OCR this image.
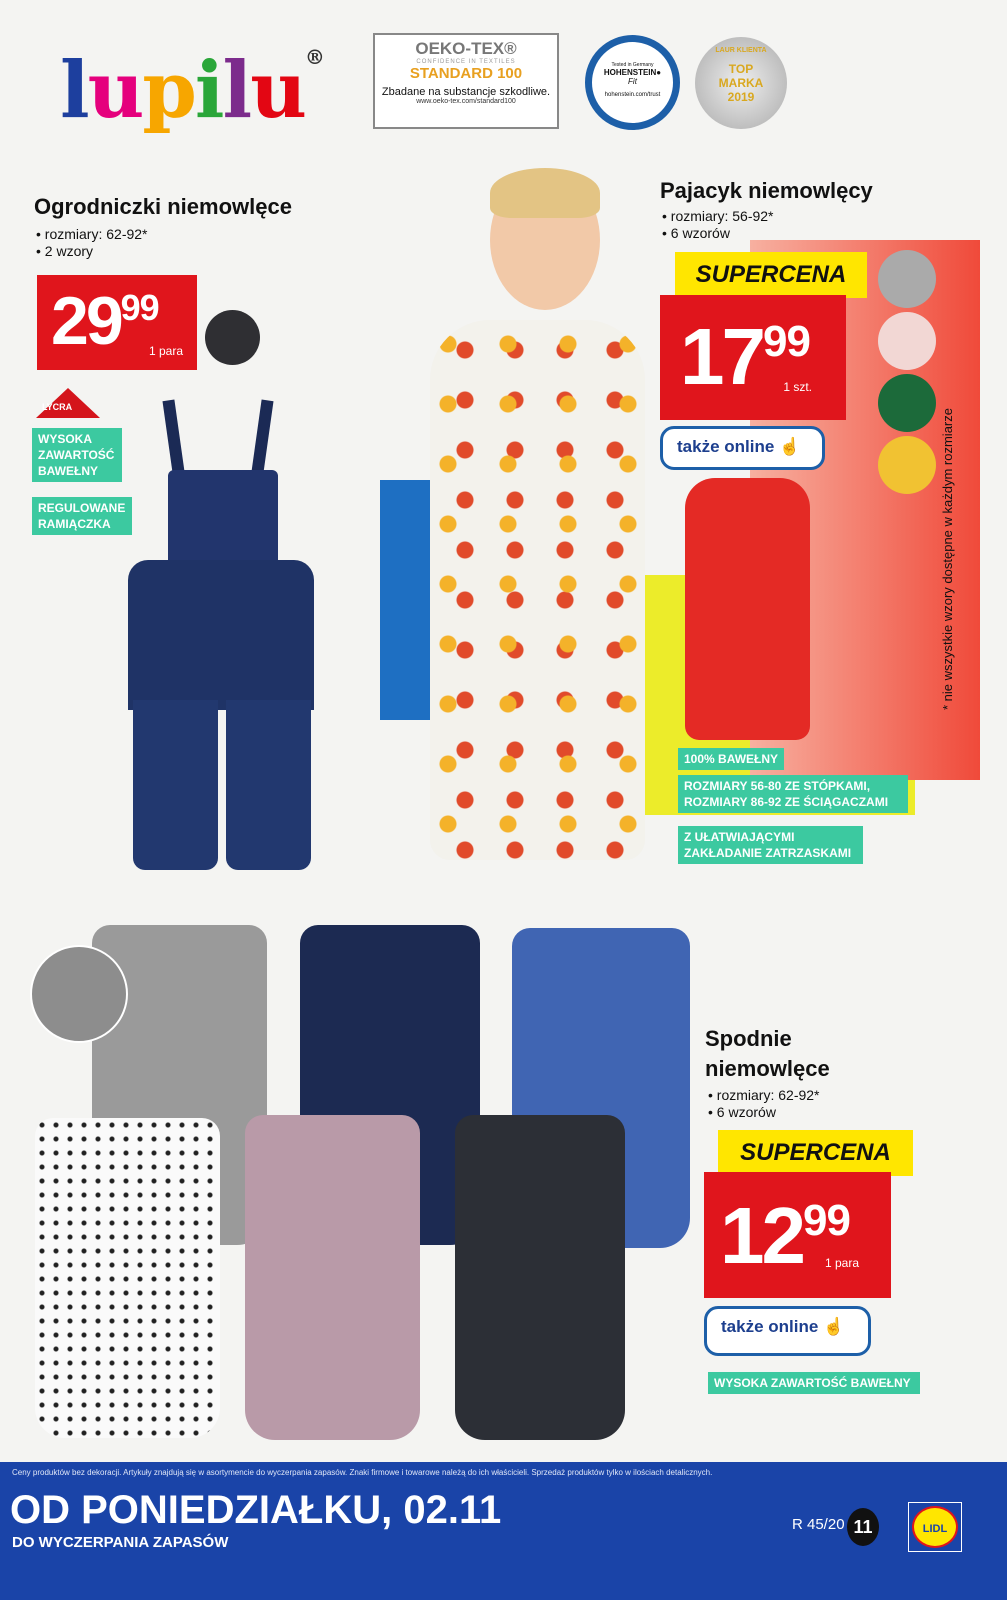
lupilu®	OEKO-TEX®
CONFIDENCE IN TEXTILES
STANDARD 100
Zbadane na substancje szkodliwe.
www.oeko-tex.com/standard100
Tested in Germany
HOHENSTEIN●
Fit
hohenstein.com/trust
LAUR KLIENTA
TOP
MARKA
2019
Ogrodniczki niemowlęce
• rozmiary: 62-92*
• 2 wzory
2999
1 para
LYCRA
WYSOKA ZAWARTOŚĆ BAWEŁNY
REGULOWANE RAMIĄCZKA
Pajacyk niemowlęcy
• rozmiary: 56-92*
• 6 wzorów
SUPERCENA
1799
1 szt.
także online ☝
100% BAWEŁNY
ROZMIARY 56-80 ZE STÓPKAMI, ROZMIARY 86-92 ZE ŚCIĄGACZAMI
Z UŁATWIAJĄCYMI ZAKŁADANIE ZATRZASKAMI
* nie wszystkie wzory dostępne w każdym rozmiarze
Spodnie niemowlęce
• rozmiary: 62-92*
• 6 wzorów
SUPERCENA
1299
1 para
także online ☝
WYSOKA ZAWARTOŚĆ BAWEŁNY
Ceny produktów bez dekoracji. Artykuły znajdują się w asortymencie do wyczerpania zapasów. Znaki firmowe i towarowe należą do ich właścicieli. Sprzedaż produktów tylko w ilościach detalicznych.
OD PONIEDZIAŁKU, 02.11
DO WYCZERPANIA ZAPASÓW
R 45/20 11	LIDL
